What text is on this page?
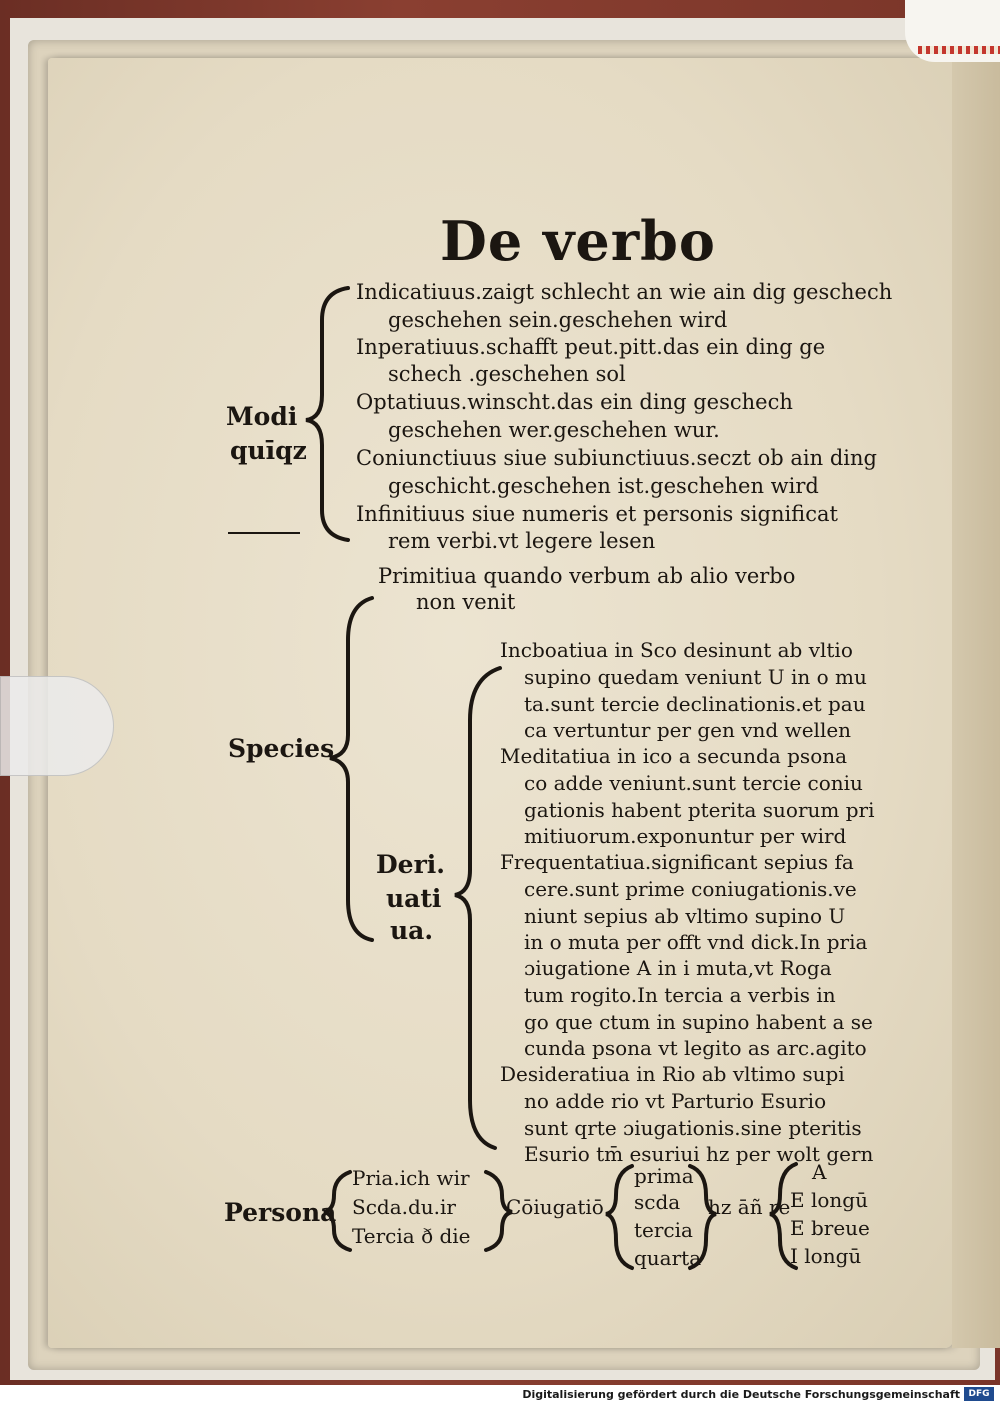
De verbo
Modi
quīqz
Indicatiuus.zaigt schlecht an wie ain dig geschech
geschehen sein.geschehen wird
Inperatiuus.schafft peut.pitt.das ein ding ge
schech .geschehen sol
Optatiuus.winscht.das ein ding geschech
geschehen wer.geschehen wur.
Coniunctiuus siue subiunctiuus.seczt ob ain ding
geschicht.geschehen ist.geschehen wird
Infinitiuus siue numeris et personis significat
rem verbi.vt legere lesen
Species
Primitiua quando verbum ab alio verbo
non venit
Deri.
uati
ua.
Incboatiua in Sco desinunt ab vltio
supino quedam veniunt U in o mu
ta.sunt tercie declinationis.et pau
ca vertuntur per gen vnd wellen
Meditatiua in ico a secunda psona
co adde veniunt.sunt tercie coniu
gationis habent pterita suorum pri
mitiuorum.exponuntur per wird
Frequentatiua.significant sepius fa
cere.sunt prime coniugationis.ve
niunt sepius ab vltimo supino U
in o muta per offt vnd dick.In pria
ɔiugatione A in i muta,vt Roga
tum rogito.In tercia a verbis in
go que ctum in supino habent a se
cunda psona vt legito as arc.agito
Desideratiua in Rio ab vltimo supi
no adde rio vt Parturio Esurio
sunt qrte ɔiugationis.sine pteritis
Esurio tm̄ esuriui hz per wolt gern
Persona
Pria.ich wir
Scda.du.ir
Tercia ð die
Cōiugatiō
prima
scda
tercia
quarta
hz āñ re
A
E longū
E breue
I longū
Digitalisierung gefördert durch die Deutsche Forschungsgemeinschaft DFG
